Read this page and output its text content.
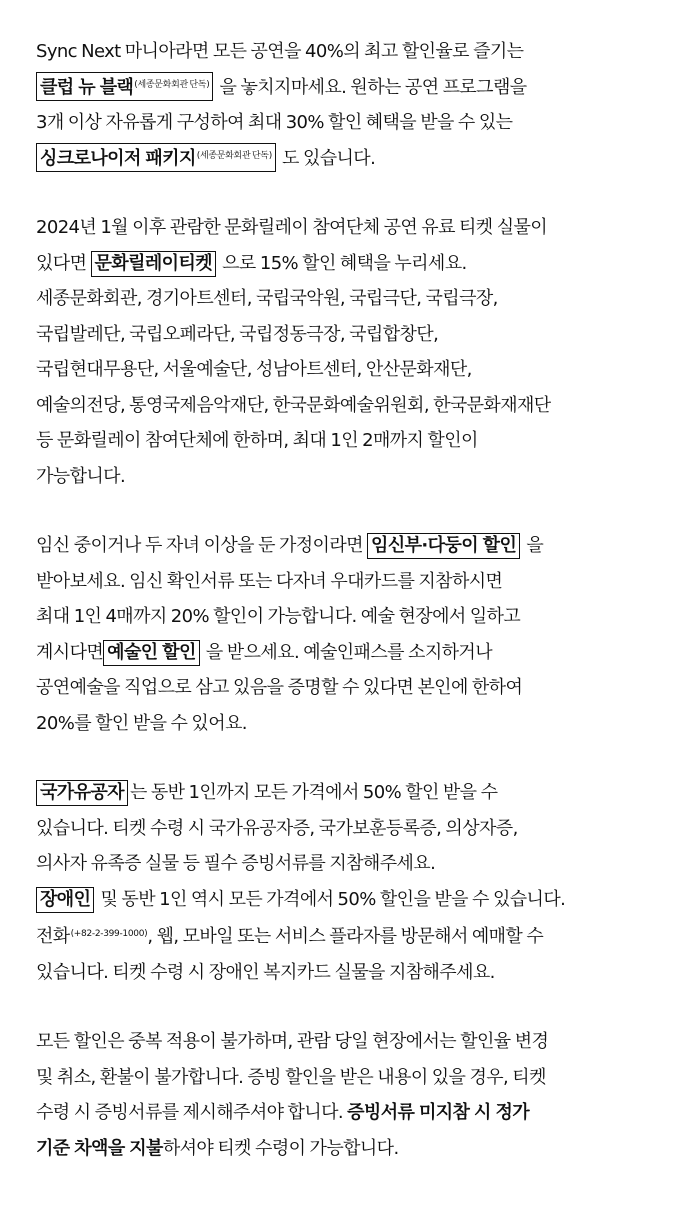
Sync Next 마니아라면 모든 공연을 40%의 최고 할인율로 즐기는
클럽 뉴 블랙$^{(세종문화회관 단독)}$ 을 놓치지마세요. 원하는 공연 프로그램을
3개 이상 자유롭게 구성하여 최대 30% 할인 혜택을 받을 수 있는
싱크로나이저 패키지$^{(세종문화회관 단독)}$ 도 있습니다.
2024년 1월 이후 관람한 문화릴레이 참여단체 공연 유료 티켓 실물이
있다면 문화릴레이티켓 으로 15% 할인 혜택을 누리세요.
세종문화회관, 경기아트센터, 국립국악원, 국립극단, 국립극장,
국립발레단, 국립오페라단, 국립정동극장, 국립합창단,
국립현대무용단, 서울예술단, 성남아트센터, 안산문화재단,
예술의전당, 통영국제음악재단, 한국문화예술위원회, 한국문화재재단
등 문화릴레이 참여단체에 한하며, 최대 1인 2매까지 할인이
가능합니다.
임신 중이거나 두 자녀 이상을 둔 가정이라면 임신부·다둥이 할인 을
받아보세요. 임신 확인서류 또는 다자녀 우대카드를 지참하시면
최대 1인 4매까지 20% 할인이 가능합니다. 예술 현장에서 일하고
계시다면 예술인 할인 을 받으세요. 예술인패스를 소지하거나
공연예술을 직업으로 삼고 있음을 증명할 수 있다면 본인에 한하여
20%를 할인 받을 수 있어요.
국가유공자 는 동반 1인까지 모든 가격에서 50% 할인 받을 수
있습니다. 티켓 수령 시 국가유공자증, 국가보훈등록증, 의상자증,
의사자 유족증 실물 등 필수 증빙서류를 지참해주세요.
장애인 및 동반 1인 역시 모든 가격에서 50% 할인을 받을 수 있습니다.
전화$^{(+82-2-399-1000)}$, 웹, 모바일 또는 서비스 플라자를 방문해서 예매할 수
있습니다. 티켓 수령 시 장애인 복지카드 실물을 지참해주세요.
모든 할인은 중복 적용이 불가하며, 관람 당일 현장에서는 할인율 변경
및 취소, 환불이 불가합니다. 증빙 할인을 받은 내용이 있을 경우, 티켓
수령 시 증빙서류를 제시해주셔야 합니다. 증빙서류 미지참 시 정가
기준 차액을 지불하셔야 티켓 수령이 가능합니다.
